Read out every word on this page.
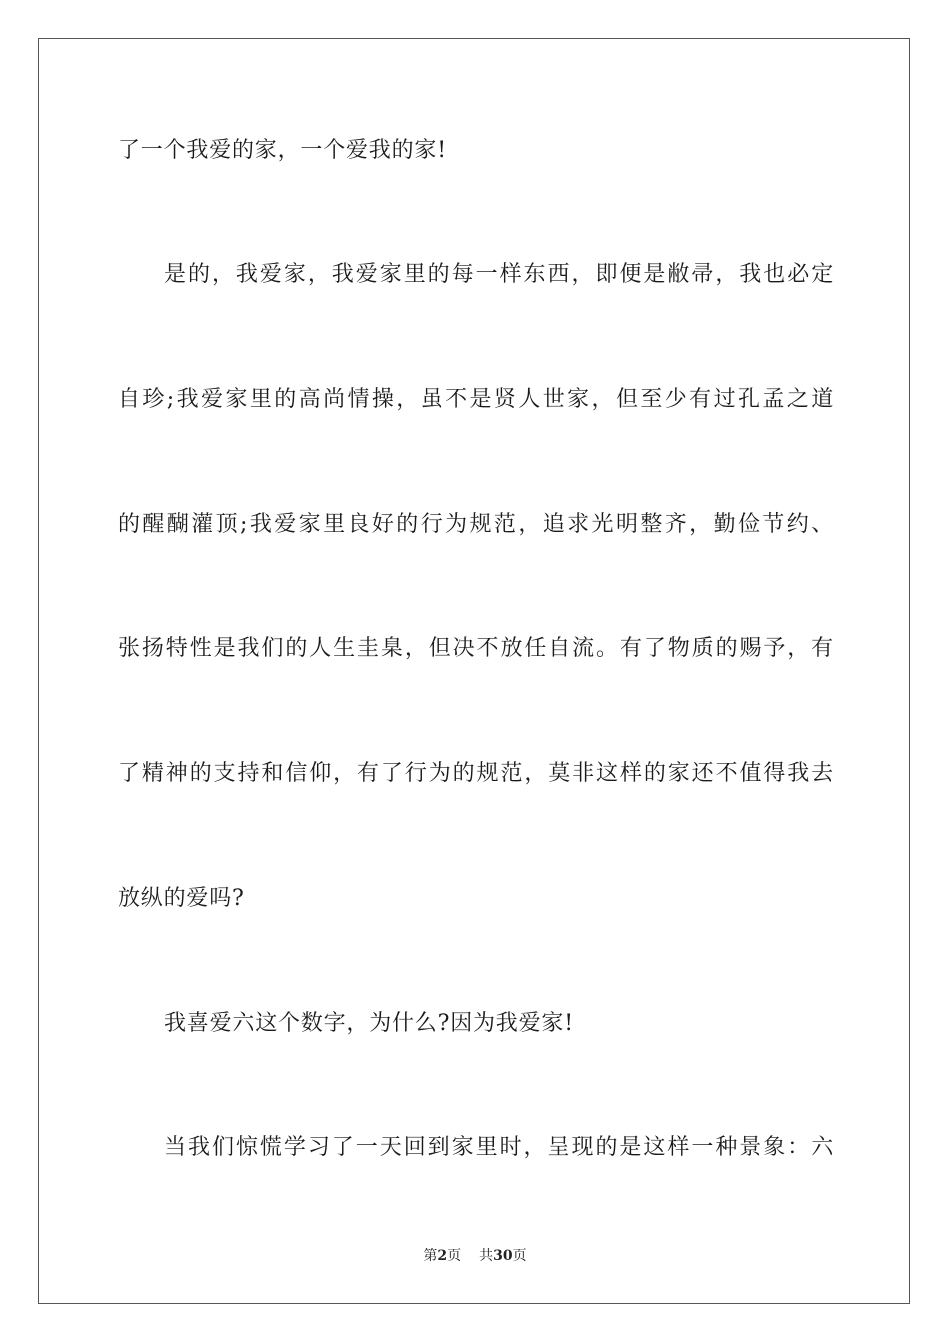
了一个我爱的家，一个爱我的家!
是的，我爱家，我爱家里的每一样东西，即便是敝帚，我也必定
自珍;我爱家里的高尚情操，虽不是贤人世家，但至少有过孔孟之道
的醒醐灌顶;我爱家里良好的行为规范，追求光明整齐，勤俭节约、
张扬特性是我们的人生圭臬，但决不放任自流。有了物质的赐予，有
了精神的支持和信仰，有了行为的规范，莫非这样的家还不值得我去
放纵的爱吗?
我喜爱六这个数字，为什么?因为我爱家!
当我们惊慌学习了一天回到家里时，呈现的是这样一种景象：六
第2页 共30页
